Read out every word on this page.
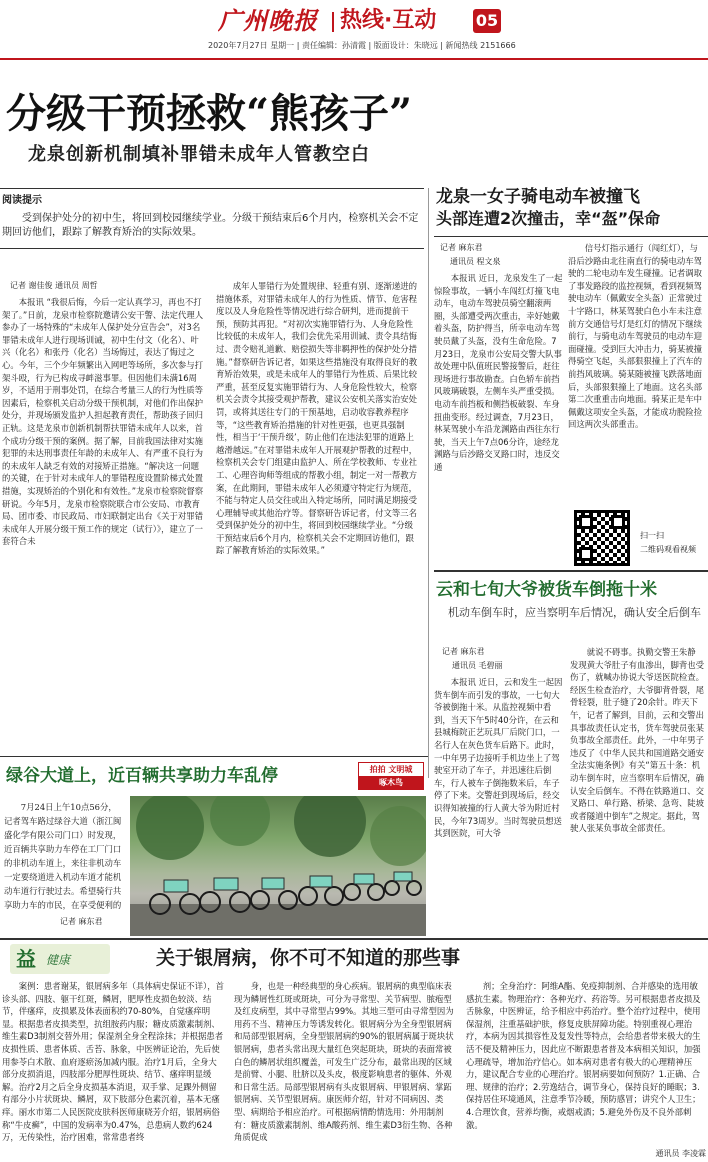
广州晚报	热线·互动	05
2020年7月27日 星期一 | 责任编辑：孙清霞 | 版面设计：朱晓远 | 新闻热线 2151666
分级干预拯救“熊孩子”
龙泉创新机制填补罪错未成年人管教空白
阅读提示
受到保护处分的初中生，将回到校园继续学业。分级干预结束后6个月内，检察机关会不定期回访他们，跟踪了解教育矫治的实际效果。
记者 谢佳俊 通讯员 周哲
本报讯 “我很后悔，今后一定认真学习，再也不打架了。”日前，龙泉市检察院邀请公安干警、法定代理人参办了一场特殊的“未成年人保护处分宣告会”，对3名罪错未成年人进行现场训诫，初中生付文（化名）、叶兴（化名）和张丹（化名）当场悔过，表达了悔过之心。今年，三个少年频繁出入网吧等场所，多次参与打架斗殴，行为已构成寻衅滋事罪。但因他们未满16周岁，不适用于刑事处罚，在综合考量三人的行为性质等因素后，检察机关启动分级干预机制，对他们作出保护处分，并现场颁发监护人担起教育责任，帮助孩子回归正轨。这是龙泉市创新机制帮扶罪错未成年人以来，首个成功分级干预的案例。据了解，目前我国法律对实施犯罪的未达刑事责任年龄的未成年人、有严重不良行为的未成年人缺乏有效的对接矫正措施。“解决这一问题的关键，在于针对未成年人的罪错程度设置阶梯式处置措施，实现矫治的个别化和有效性。”龙泉市检察院督察研说。今年5月，龙泉市检察院联合市公安局、市教育局、团市委、市民政局、市妇联制定出台《关于对罪错未成年人开展分级干预工作的规定（试行）》，建立了一套符合未
成年人罪错行为处置规律、轻重有别、逐渐递进的措施体系，对罪错未成年人的行为性质、情节、危害程度以及人身危险性等情况进行综合研判，进而提前干预，预防其再犯。“对初次实施罪错行为、人身危险性比较低的未成年人，我们会优先采用训诫、责令具结悔过、责令赔礼道歉、赔偿损失等非羁押性的保护处分措施。”督察研告诉记者，如果这些措施没有取得良好的教育矫治效果，或是未成年人的罪错行为性质、后果比较严重，甚至反复实施罪错行为、人身危险性较大，检察机关会责令其接受观护帮教，建议公安机关落实治安处罚，或将其送往专门的干预基地，启动收容教养程序等，“这些教育矫治措施的针对性更强，也更具强制性，相当于‘干预升级’，防止他们在违法犯罪的道路上越滑越远。”在对罪错未成年人开展观护帮教的过程中，检察机关会专门组建由监护人、所在学校教师、专业社工、心理咨询师等组成的帮教小组，制定一对一帮教方案，在此期间，罪错未成年人必须遵守特定行为规范，不能与特定人员交往或出入特定场所，同时满足期接受心理辅导或其他治疗等。督察研告诉记者，付文等三名受到保护处分的初中生，将回到校园继续学业。“分级干预结束后6个月内，检察机关会不定期回访他们，跟踪了解教育矫治的实际效果。”
龙泉一女子骑电动车被撞飞
头部连遭2次撞击，幸“盔”保命
记者 麻东君
通讯员 程文泉
本报讯 近日，龙泉发生了一起惊险事故，一辆小车闯红灯撞飞电动车，电动车驾驶员骑空翻滚两圈，头部遭受两次重击，幸好她戴着头盔，防护得当，所幸电动车驾驶员戴了头盔，没有生命危险。7月23日，龙泉市公安局交警大队事故处理中队值班民警接警后，赶往现场进行事故勘查。白色轿车前挡风玻璃破裂，左侧车头严重受损。电动车前挡板和侧挡板破裂、车身扭曲变形。经过调查，7月23日，林某驾驶小车沿龙渊路由西往东行驶，当天上午7点06分许，途经龙渊路与后沙路交叉路口时，违反交通
信号灯指示通行（闯红灯），与沿后沙路由北往南直行的骑电动车驾驶的二轮电动车发生碰撞。记者调取了事发路段的监控视频，看到视频驾驶电动车（佩戴安全头盔）正常驶过十字路口，林某驾驶白色小车未注意前方交通信号灯是红灯的情况下继续前行，与骑电动车驾驶员的电动车迎面碰撞。受到巨大冲击力，骑某被撞得骑空飞起，头部狠狠撞上了汽车的前挡风玻璃。骑某随被撞飞跌落地面后，头部狠狠撞上了地面。这名头部第二次重重击向地面。骑某正是车中佩戴这项安全头盔，才能成功脱险捡回这两次头部重击。
扫一扫
二维码观看视频
云和七旬大爷被货车倒拖十米
机动车倒车时，应当察明车后情况，确认安全后倒车
记者 麻东君
通讯员 毛碧丽
本报讯 近日，云和发生一起因货车倒车而引发的事故，一七旬大爷被倒拖十米。从监控视频中看到，当天下午5时40分许，在云和县城梅院正艺玩具厂后院门口，一名行人在灰色货车后路下。此时，一中年男子边接听手机边坐上了驾驶室开动了车子，并迅速往后倒车，行人被车子倒拖数米后，车子停了下来。交警赶到现场后，经交识得知被撞的行人黄大爷为附近村民，今年73周岁。当时驾驶员想送其到医院，可大爷
就说不碍事。执勤交警王朱静发现黄大爷肚子有血渗出，脚背也受伤了，就喊办协说大爷送医院检查。经医生检查治疗，大爷脚背骨裂，尾骨轻裂，肚子缝了20余针。昨天下午，记者了解到，目前，云和交警出具事故责任认定书，货车驾驶员张某负事故全部责任。此外，一中年男子违反了《中华人民共和国道路交通安全法实施条例》有关“第五十条：机动车倒车时，应当察明车后情况，确认安全后倒车。不得在铁路道口、交叉路口、单行路、桥梁、急弯、陡坡或者隧道中倒车”之规定。据此，驾驶人张某负事故全部责任。
绿谷大道上，近百辆共享助力车乱停	拍拍 文明城
啄木鸟
7月24日上午10点56分，记者驾车路过绿谷大道（浙江闽盛化学有限公司门口）时发现，近百辆共享助力车停在工厂门口的非机动车道上，来往非机动车一定要绕道进入机动车道才能机动车道行行驶过去。希望骑行共享助力车的市民，在享受便利的
记者 麻东君
益 健康	关于银屑病，你不可不知道的那些事
案例：患者谢某，银屑病多年（具体病史保证不详），首诊头部、四肢、躯干红斑，鳞屑，肥厚性皮损色较淡、结节，伴瘙痒，皮损累及体表面积约70-80%，自觉瘙痒明显。根据患者皮损类型，抗组胺药内服；糖皮质激素制剂、维生素D3制剂交替外用；保湿剂全身全程涂抹；并根据患者皮损性质、患者体质、舌苔、脉象，中医辨证论治，先后使用参苓白术散、血府逐瘀汤加减内服。治疗1月后，全身大部分皮损消退，四肢部分肥厚性斑块、结节、瘙痒明显缓解。治疗2月之后全身皮损基本消退，双手掌、足踝外侧留有部分小片状斑块、鳞屑，双下肢部分色素沉着，基本无瘙痒。丽水市第二人民医院皮肤科医师康晓芳介绍，银屑病俗称“牛皮癣”，中国的发病率为0.47%，总患病人数约624万，无传染性，治疗困难，常常患者终
身，也是一种经典型的身心疾病。银屑病的典型临床表现为鳞屑性红斑或斑块，可分为寻常型、关节病型、脓疱型及红皮病型，其中寻常型占99%。其地三型可由寻常型因为用药不当、精神压力等诱发转化。银屑病分为全身型银屑病和局部型银屑病，全身型银屑病约90%的银屑病属于斑块状银屑病，患者头常出现大量红色突起斑块，斑块的表面常被白色的鳞屑状组织覆盖，可发生广泛分布，最常出现的区域是前臂、小腿、肚脐以及头皮，极度影响患者的躯体、外观和日常生活。局部型银屑病有头皮银屑病、甲银屑病、掌跖银屑病、关节型银屑病。康医师介绍，针对不同病因、类型、病期给予相应治疗。可根据病情酌情选用：外用制剂有：糖皮质激素制剂、维A酸药剂、维生素D3衍生物、各种角质促成
剂；全身治疗：阿维A酯、免疫抑制剂、合并感染的选用敏感抗生素。物理治疗：各种光疗、药浴等。另可根据患者皮损及舌脉象，中医辨证，给予相应中药治疗。整个治疗过程中，使用保湿剂，注重基础护肤，修复皮肤屏障功能。特别重视心理治疗，本病为因其损容性及复发性等特点，会给患者带来极大的生活不便及精神压力，因此应不断跟患者普及本病相关知识，加强心理疏导，增加治疗信心。如本病对患者有极大的心理精神压力，建议配合专业的心理治疗。银屑病要如何预防？1.正确、合理、规律的治疗；2.劳逸结合，调节身心，保持良好的睡眠；3.保持居住环境通风，注意季节冷暖，预防感冒；讲究个人卫生；4.合理饮食，营养均衡，戒烟戒酒；5.避免外伤及不良外部刺激。
通讯员 李凌霖
